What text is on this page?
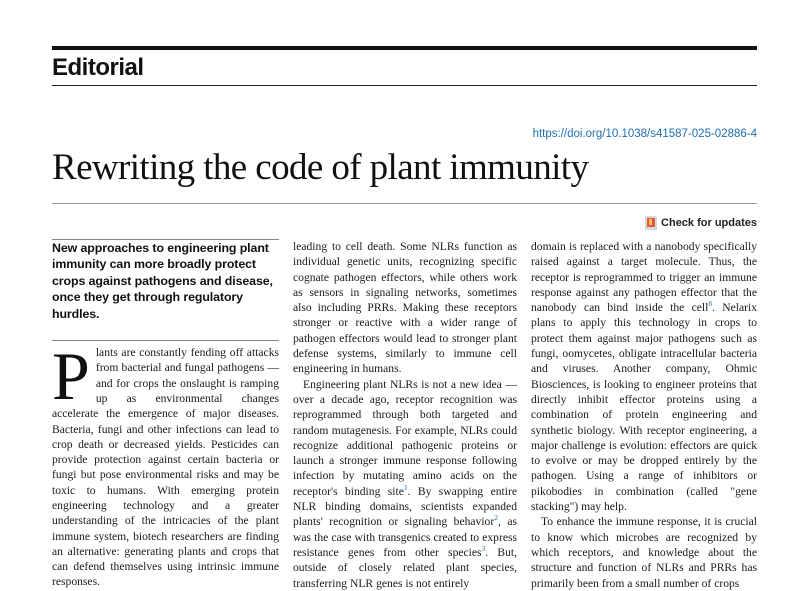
Editorial
https://doi.org/10.1038/s41587-025-02886-4
Rewriting the code of plant immunity
Check for updates

New approaches to engineering plant immunity can more broadly protect crops against pathogens and disease, once they get through regulatory hurdles.

Plants are constantly fending off attacks from bacterial and fungal pathogens — and for crops the onslaught is ramping up as environmental changes accelerate the emergence of major diseases. Bacteria, fungi and other infections can lead to crop death or decreased yields. Pesticides can provide protection against certain bacteria or fungi but pose environmental risks and may be toxic to humans. With emerging protein engineering technology and a greater understanding of the intricacies of the plant immune system, biotech researchers are finding an alternative: generating plants and crops that can defend themselves using intrinsic immune responses.

leading to cell death. Some NLRs function as individual genetic units, recognizing specific cognate pathogen effectors, while others work as sensors in signaling networks, sometimes also including PRRs. Making these receptors stronger or reactive with a wider range of pathogen effectors would lead to stronger plant defense systems, similarly to immune cell engineering in humans.

Engineering plant NLRs is not a new idea — over a decade ago, receptor recognition was reprogrammed through both targeted and random mutagenesis. For example, NLRs could recognize additional pathogenic proteins or launch a stronger immune response following infection by mutating amino acids on the receptor's binding site$^1$. By swapping entire NLR binding domains, scientists expanded plants' recognition or signaling behavior$^2$, as was the case with transgenics created to express resistance genes from other species$^3$. But, outside of closely related plant species, transferring NLR genes is not entirely

domain is replaced with a nanobody specifically raised against a target molecule. Thus, the receptor is reprogrammed to trigger an immune response against any pathogen effector that the nanobody can bind inside the cell$^8$. Nelarix plans to apply this technology in crops to protect them against major pathogens such as fungi, oomycetes, obligate intracellular bacteria and viruses. Another company, Ohmic Biosciences, is looking to engineer proteins that directly inhibit effector proteins using a combination of protein engineering and synthetic biology. With receptor engineering, a major challenge is evolution: effectors are quick to evolve or may be dropped entirely by the pathogen. Using a range of inhibitors or pikobodies in combination (called "gene stacking") may help.

To enhance the immune response, it is crucial to know which microbes are recognized by which receptors, and knowledge about the structure and function of NLRs and PRRs has primarily been from a small number of crops
